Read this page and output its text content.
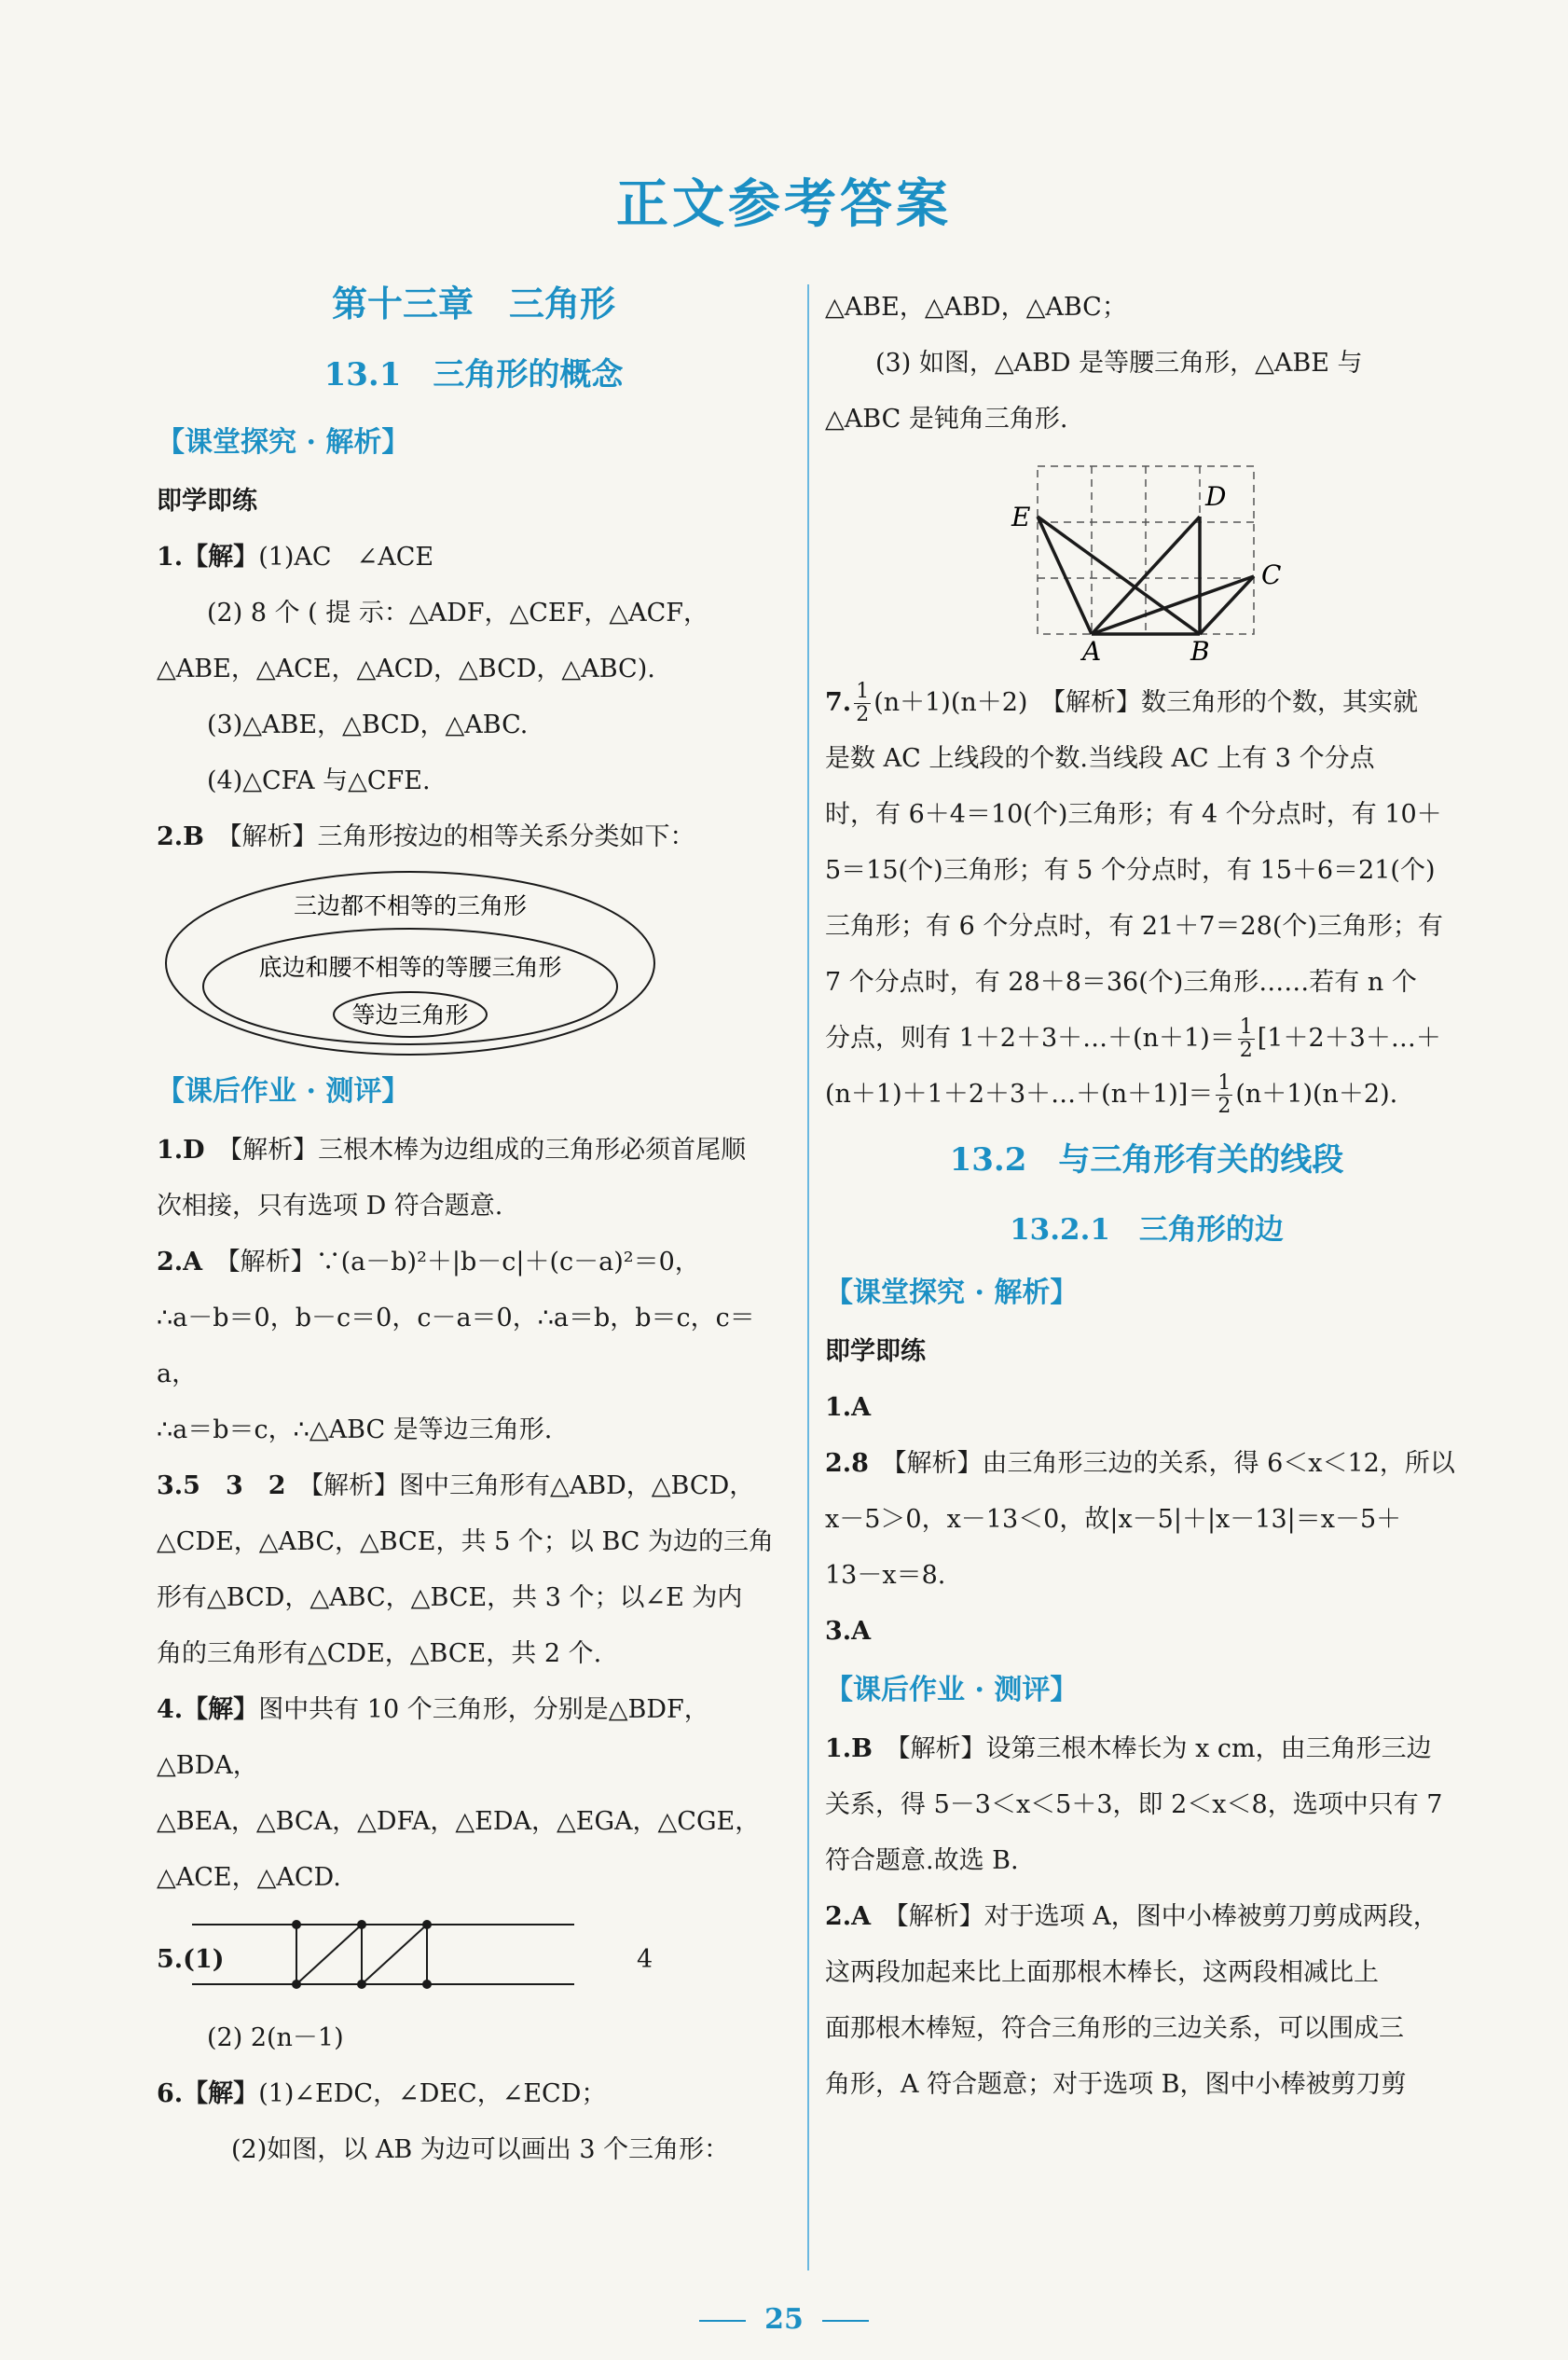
正文参考答案
第十三章　三角形
13.1　三角形的概念
【课堂探究 · 解析】
即学即练

1.【解】(1)AC　∠ACE

(2) 8 个 ( 提 示：△ADF，△CEF，△ACF，

△ABE，△ACE，△ACD，△BCD，△ABC).

(3)△ABE，△BCD，△ABC.

(4)△CFA 与△CFE.

2.B　 【解析】三角形按边的相等关系分类如下：

三边都不相等的三角形
底边和腰不相等的等腰三角形
等边三角形
【课后作业 · 测评】

1.D　 【解析】三根木棒为边组成的三角形必须首尾顺

次相接，只有选项 D 符合题意.

2.A　 【解析】∵(a－b)²＋|b－c|＋(c－a)²＝0，

∴a－b＝0，b－c＝0，c－a＝0，∴a＝b，b＝c，c＝a，

∴a＝b＝c，∴△ABC 是等边三角形.

3.5　3　2　 【解析】图中三角形有△ABD，△BCD，

△CDE，△ABC，△BCE，共 5 个；以 BC 为边的三角

形有△BCD，△ABC，△BCE，共 3 个；以∠E 为内

角的三角形有△CDE，△BCE，共 2 个.

4.【解】图中共有 10 个三角形，分别是△BDF，△BDA，

△BEA，△BCA，△DFA，△EDA，△EGA，△CGE，

△ACE，△ACD.

5.(1)	4

(2) 2(n－1)

6.【解】(1)∠EDC，∠DEC，∠ECD；

(2)如图，以 AB 为边可以画出 3 个三角形：

△ABE，△ABD，△ABC；

(3) 如图，△ABD 是等腰三角形，△ABE 与

△ABC 是钝角三角形.

E
D
C
A	B

7. $\frac{1}{2} (n+1)(n+2)$　 【解析】数三角形的个数，其实就

是数 AC 上线段的个数.当线段 AC 上有 3 个分点

时，有 6＋4＝10(个)三角形；有 4 个分点时，有 10＋

5＝15(个)三角形；有 5 个分点时，有 15＋6＝21(个)

三角形；有 6 个分点时，有 21＋7＝28(个)三角形；有

7 个分点时，有 28＋8＝36(个)三角形……若有 n 个

分点，则有 1＋2＋3＋…＋(n＋1)＝ $\frac{1}{2}$ [1＋2＋3＋…＋

(n＋1)＋1＋2＋3＋…＋(n＋1)]＝ $\frac{1}{2} (n+1)(n+2)$.

13.2　与三角形有关的线段
13.2.1　三角形的边
【课堂探究 · 解析】
即学即练

1.A

2.8　 【解析】由三角形三边的关系，得 6＜x＜12，所以

x－5＞0，x－13＜0，故|x－5|＋|x－13|＝x－5＋

13－x＝8.

3.A

【课后作业 · 测评】

1.B　 【解析】设第三根木棒长为 x cm，由三角形三边

关系，得 5－3＜x＜5＋3，即 2＜x＜8，选项中只有 7

符合题意.故选 B.

2.A　 【解析】对于选项 A，图中小棒被剪刀剪成两段，

这两段加起来比上面那根木棒长，这两段相减比上

面那根木棒短，符合三角形的三边关系，可以围成三

角形，A 符合题意；对于选项 B，图中小棒被剪刀剪

25
